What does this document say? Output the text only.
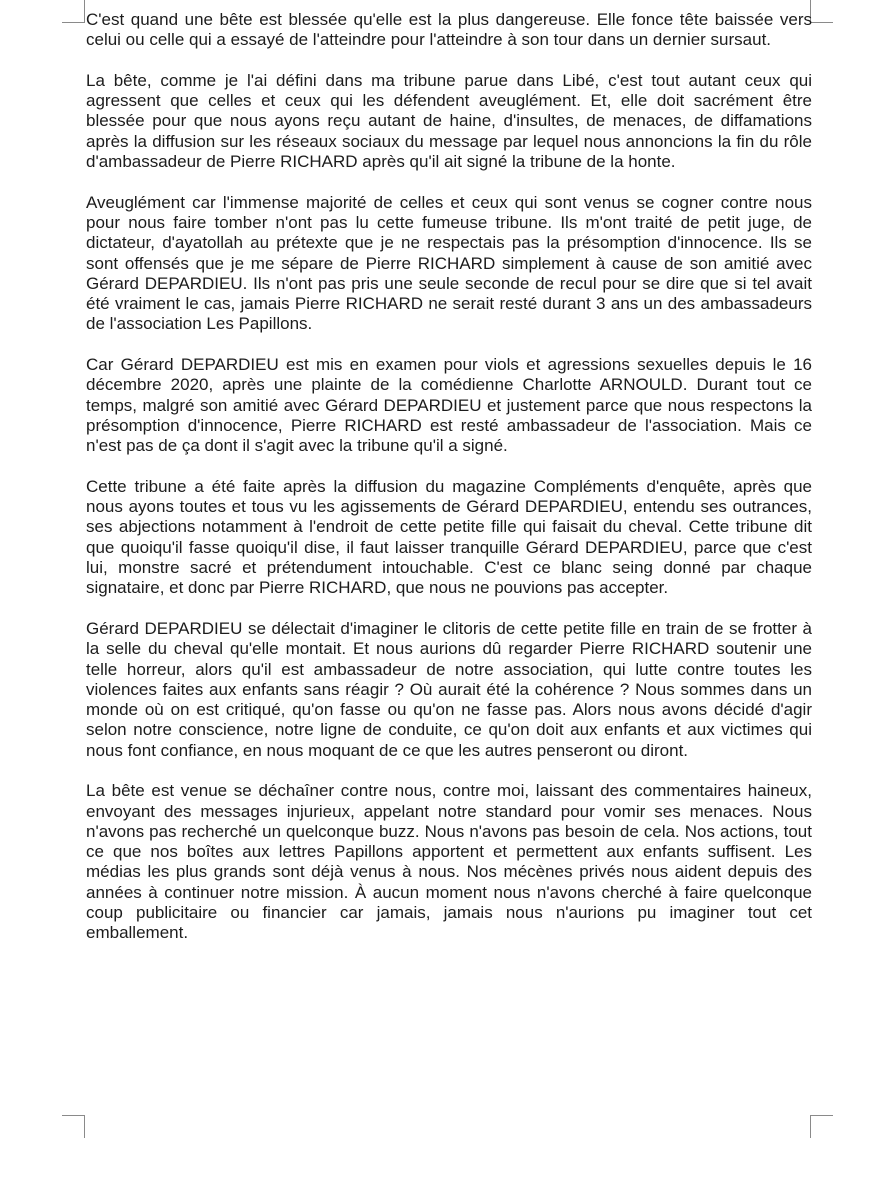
C'est quand une bête est blessée qu'elle est la plus dangereuse. Elle fonce tête baissée vers celui ou celle qui a essayé de l'atteindre pour l'atteindre à son tour dans un dernier sursaut.

La bête, comme je l'ai défini dans ma tribune parue dans Libé, c'est tout autant ceux qui agressent que celles et ceux qui les défendent aveuglément. Et, elle doit sacrément être blessée pour que nous ayons reçu autant de haine, d'insultes, de menaces, de diffamations après la diffusion sur les réseaux sociaux du message par lequel nous annoncions la fin du rôle d'ambassadeur de Pierre RICHARD après qu'il ait signé la tribune de la honte.

Aveuglément car l'immense majorité de celles et ceux qui sont venus se cogner contre nous pour nous faire tomber n'ont pas lu cette fumeuse tribune. Ils m'ont traité de petit juge, de dictateur, d'ayatollah au prétexte que je ne respectais pas la présomption d'innocence. Ils se sont offensés que je me sépare de Pierre RICHARD simplement à cause de son amitié avec Gérard DEPARDIEU. Ils n'ont pas pris une seule seconde de recul pour se dire que si tel avait été vraiment le cas, jamais Pierre RICHARD ne serait resté durant 3 ans un des ambassadeurs de l'association Les Papillons.

Car Gérard DEPARDIEU est mis en examen pour viols et agressions sexuelles depuis le 16 décembre 2020, après une plainte de la comédienne Charlotte ARNOULD. Durant tout ce temps, malgré son amitié avec Gérard DEPARDIEU et justement parce que nous respectons la présomption d'innocence, Pierre RICHARD est resté ambassadeur de l'association. Mais ce n'est pas de ça dont il s'agit avec la tribune qu'il a signé.

Cette tribune a été faite après la diffusion du magazine Compléments d'enquête, après que nous ayons toutes et tous vu les agissements de Gérard DEPARDIEU, entendu ses outrances, ses abjections notamment à l'endroit de cette petite fille qui faisait du cheval. Cette tribune dit que quoiqu'il fasse quoiqu'il dise, il faut laisser tranquille Gérard DEPARDIEU, parce que c'est lui, monstre sacré et prétendument intouchable. C'est ce blanc seing donné par chaque signataire, et donc par Pierre RICHARD, que nous ne pouvions pas accepter.

Gérard DEPARDIEU se délectait d'imaginer le clitoris de cette petite fille en train de se frotter à la selle du cheval qu'elle montait. Et nous aurions dû regarder Pierre RICHARD soutenir une telle horreur, alors qu'il est ambassadeur de notre association, qui lutte contre toutes les violences faites aux enfants sans réagir ? Où aurait été la cohérence ? Nous sommes dans un monde où on est critiqué, qu'on fasse ou qu'on ne fasse pas. Alors nous avons décidé d'agir selon notre conscience, notre ligne de conduite, ce qu'on doit aux enfants et aux victimes qui nous font confiance, en nous moquant de ce que les autres penseront ou diront.

La bête est venue se déchaîner contre nous, contre moi, laissant des commentaires haineux, envoyant des messages injurieux, appelant notre standard pour vomir ses menaces. Nous n'avons pas recherché un quelconque buzz. Nous n'avons pas besoin de cela. Nos actions, tout ce que nos boîtes aux lettres Papillons apportent et permettent aux enfants suffisent. Les médias les plus grands sont déjà venus à nous. Nos mécènes privés nous aident depuis des années à continuer notre mission. À aucun moment nous n'avons cherché à faire quelconque coup publicitaire ou financier car jamais, jamais nous n'aurions pu imaginer tout cet emballement.
